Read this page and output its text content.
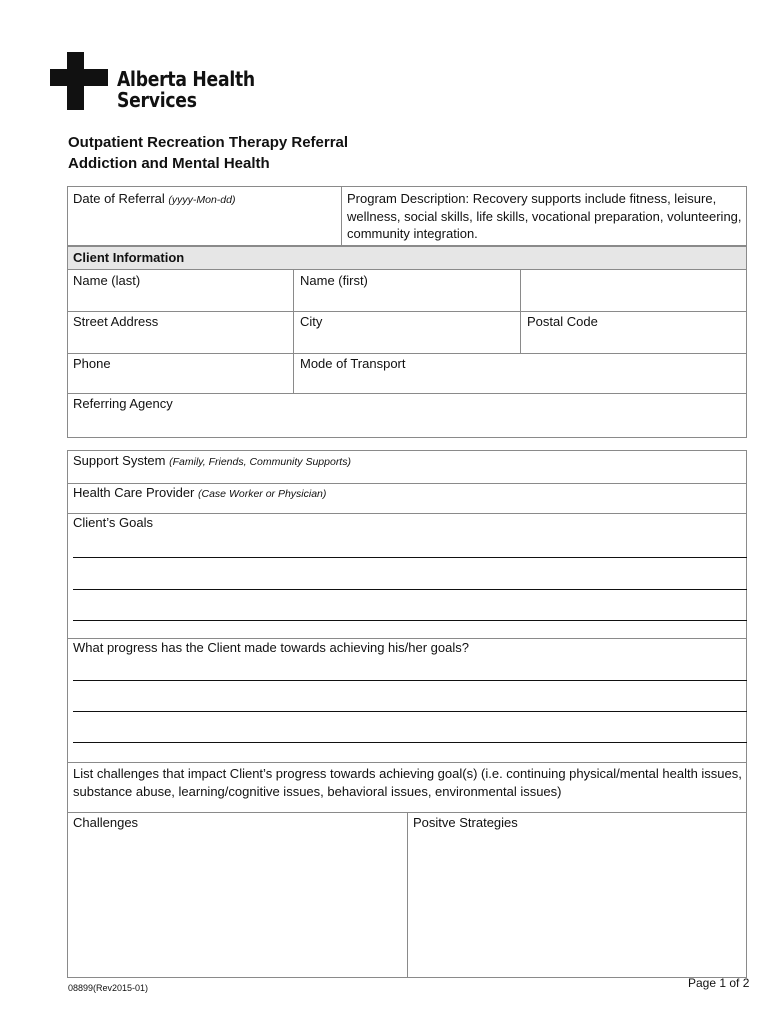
Alberta Health
Services
Outpatient Recreation Therapy Referral
Addiction and Mental Health
Date of Referral (yyyy-Mon-dd)	Program Description: Recovery supports include fitness, leisure, wellness, social skills, life skills, vocational preparation, volunteering, community integration.
Client Information
Name (last)	Name (first)
Street Address	City	Postal Code
Phone	Mode of Transport
Referring Agency
Support System (Family, Friends, Community Supports)
Health Care Provider (Case Worker or Physician)
Client’s Goals
What progress has the Client made towards achieving his/her goals?
List challenges that impact Client’s progress towards achieving goal(s) (i.e. continuing physical/mental health issues, substance abuse, learning/cognitive issues, behavioral issues, environmental issues)
Challenges	Positve Strategies
08899(Rev2015-01)	Page 1 of 2
